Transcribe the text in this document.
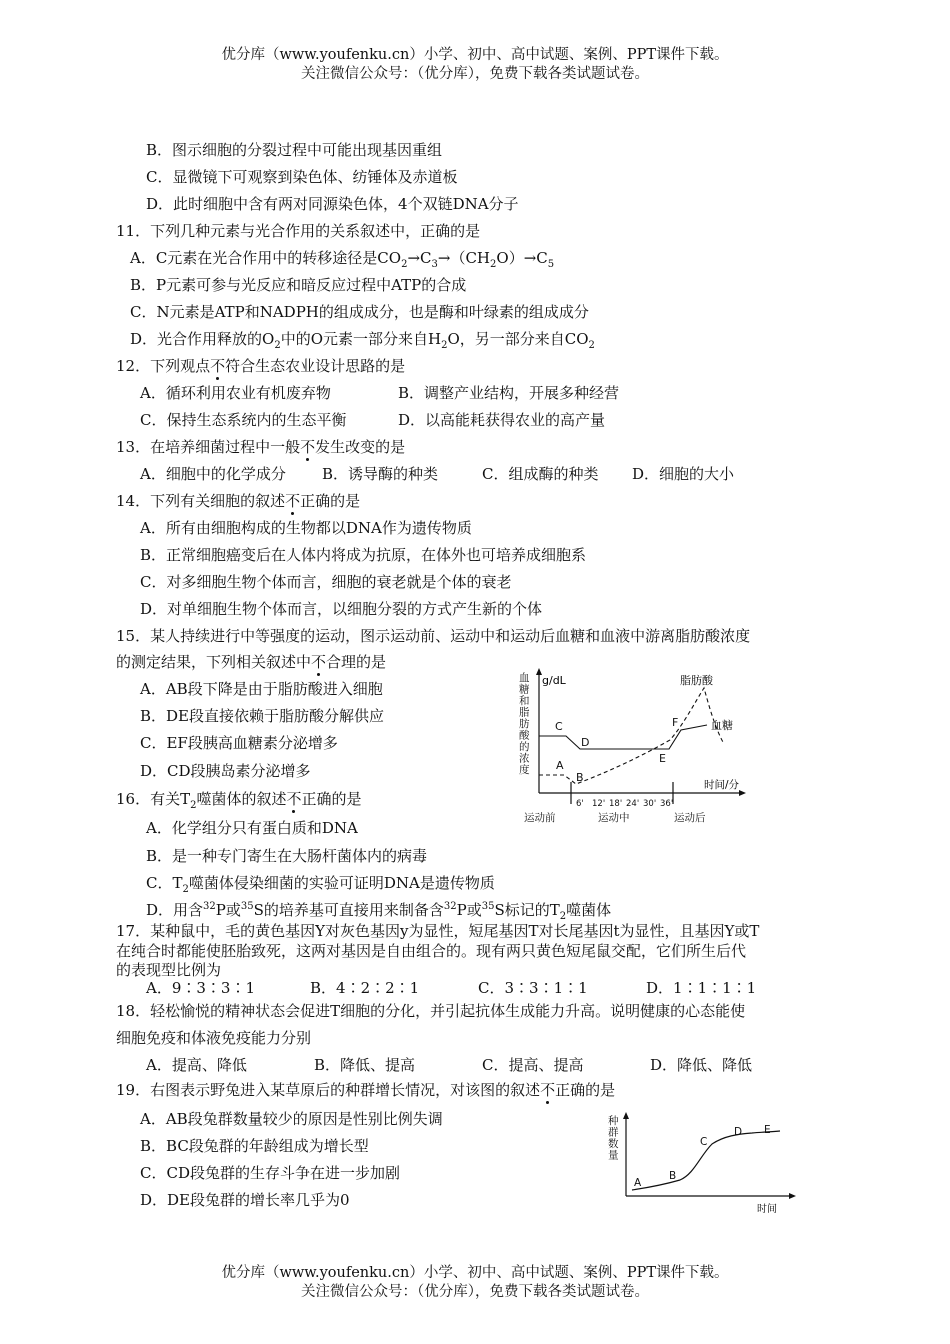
优分库（www.youfenku.cn）小学、初中、高中试题、案例、PPT课件下载。
关注微信公众号：（优分库），免费下载各类试题试卷。
B．图示细胞的分裂过程中可能出现基因重组
C．显微镜下可观察到染色体、纺锤体及赤道板
D．此时细胞中含有两对同源染色体，4个双链DNA分子
11．下列几种元素与光合作用的关系叙述中，正确的是
A．C元素在光合作用中的转移途径是$CO_2\to C_3\to(CH_2O)\to C_5$
B．P元素可参与光反应和暗反应过程中ATP的合成
C．N元素是ATP和NADPH的组成成分，也是酶和叶绿素的组成成分
D．光合作用释放的$O_2$中的O元素一部分来自$H_2O$，另一部分来自$CO_2$
12．下列观点不符合生态农业设计思路的是
A．循环利用农业有机废弃物	B．调整产业结构，开展多种经营
C．保持生态系统内的生态平衡	D．以高能耗获得农业的高产量
13．在培养细菌过程中一般不发生改变的是
A．细胞中的化学成分 B．诱导酶的种类	C．组成酶的种类 D．细胞的大小
14．下列有关细胞的叙述不正确的是
A．所有由细胞构成的生物都以DNA作为遗传物质
B．正常细胞癌变后在人体内将成为抗原，在体外也可培养成细胞系
C．对多细胞生物个体而言，细胞的衰老就是个体的衰老
D．对单细胞生物个体而言，以细胞分裂的方式产生新的个体
15．某人持续进行中等强度的运动，图示运动前、运动中和运动后血糖和血液中游离脂肪酸浓度
的测定结果，下列相关叙述中不合理的是
A．AB段下降是由于脂肪酸进入细胞
B．DE段直接依赖于脂肪酸分解供应
C．EF段胰高血糖素分泌增多
D．CD段胰岛素分泌增多
血
糖
和
脂
肪
酸
的
浓
度
g/dL
6' 12' 18' 24' 30' 36'
时间/分
运动前	运动中	运动后
脂肪酸
血糖
A
B
C
D
E
F
16．有关$T_2$噬菌体的叙述不正确的是
A．化学组分只有蛋白质和DNA
B．是一种专门寄生在大肠杆菌体内的病毒
C．$T_2$噬菌体侵染细菌的实验可证明DNA是遗传物质
D．用含$^{32}$P或$^{35}$S的培养基可直接用来制备含$^{32}$P或$^{35}$S标记的$T_2$噬菌体
17．某种鼠中，毛的黄色基因Y对灰色基因y为显性，短尾基因T对长尾基因t为显性，且基因Y或T
在纯合时都能使胚胎致死，这两对基因是自由组合的。现有两只黄色短尾鼠交配，它们所生后代
的表现型比例为
A．9∶3∶3∶1	B．4∶2∶2∶1	C．3∶3∶1∶1	D．1∶1∶1∶1
18．轻松愉悦的精神状态会促进T细胞的分化，并引起抗体生成能力升高。说明健康的心态能使
细胞免疫和体液免疫能力分别
A．提高、降低	B．降低、提高	C．提高、提高	D．降低、降低
19．右图表示野兔进入某草原后的种群增长情况，对该图的叙述不正确的是
A．AB段兔群数量较少的原因是性别比例失调
B．BC段兔群的年龄组成为增长型
C．CD段兔群的生存斗争在进一步加剧
D．DE段兔群的增长率几乎为0
种
群
数
量
时间
A
B
C
D E
优分库（www.youfenku.cn）小学、初中、高中试题、案例、PPT课件下载。
关注微信公众号：（优分库），免费下载各类试题试卷。
